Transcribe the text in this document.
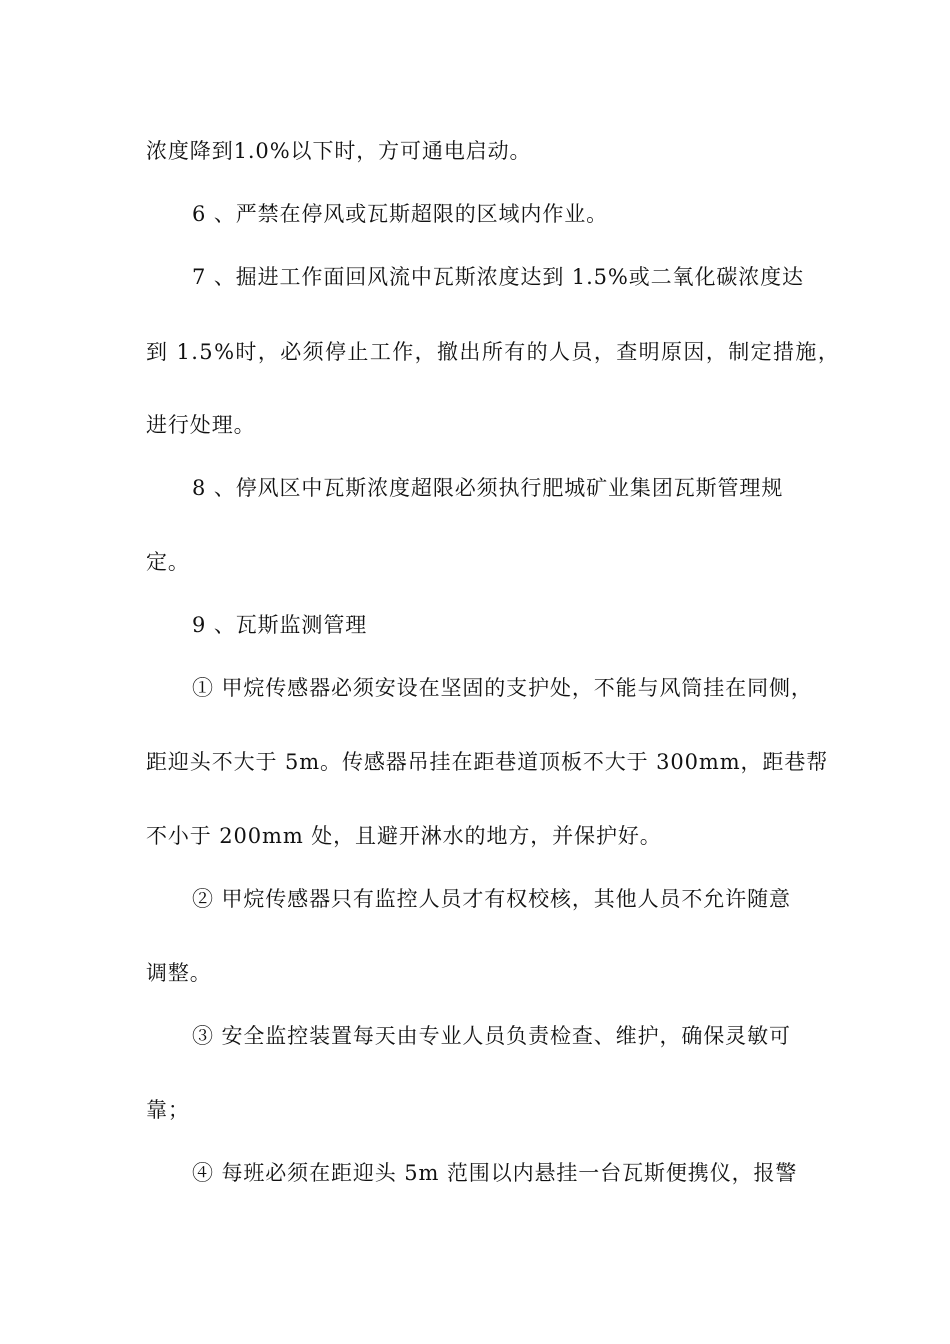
浓度降到1.0%以下时，方可通电启动。
6 、严禁在停风或瓦斯超限的区域内作业。
7 、掘进工作面回风流中瓦斯浓度达到 1.5%或二氧化碳浓度达
到 1.5%时，必须停止工作，撤出所有的人员，查明原因，制定措施，
进行处理。
8 、停风区中瓦斯浓度超限必须执行肥城矿业集团瓦斯管理规
定。
9 、瓦斯监测管理
① 甲烷传感器必须安设在坚固的支护处，不能与风筒挂在同侧，
距迎头不大于 5m。传感器吊挂在距巷道顶板不大于 300mm，距巷帮
不小于 200mm 处，且避开淋水的地方，并保护好。
② 甲烷传感器只有监控人员才有权校核，其他人员不允许随意
调整。
③ 安全监控装置每天由专业人员负责检查、维护，确保灵敏可
靠；
④ 每班必须在距迎头 5m 范围以内悬挂一台瓦斯便携仪，报警
